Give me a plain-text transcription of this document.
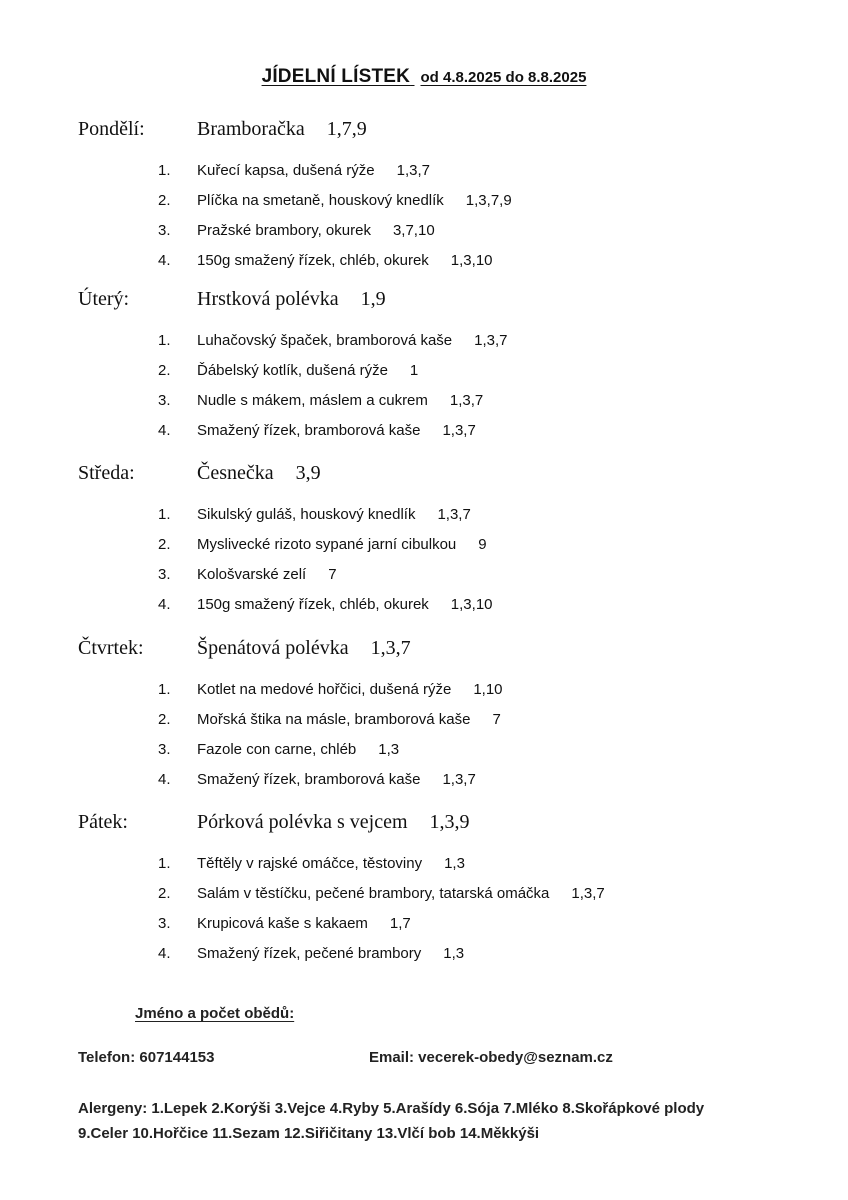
JÍDELNÍ LÍSTEK od 4.8.2025 do 8.8.2025
Pondělí:	Bramboračka 1,7,9
1. Kuřecí kapsa, dušená rýže 1,3,7
2. Plíčka na smetaně, houskový knedlík 1,3,7,9
3. Pražské brambory, okurek 3,7,10
4. 150g smažený řízek, chléb, okurek 1,3,10
Úterý:	Hrstková polévka 1,9
1. Luhačovský špaček, bramborová kaše 1,3,7
2. Ďábelský kotlík, dušená rýže 1
3. Nudle s mákem, máslem a cukrem 1,3,7
4. Smažený řízek, bramborová kaše 1,3,7
Středa:	Česnečka 3,9
1. Sikulský guláš, houskový knedlík 1,3,7
2. Myslivecké rizoto sypané jarní cibulkou 9
3. Kološvarské zelí 7
4. 150g smažený řízek, chléb, okurek 1,3,10
Čtvrtek:	Špenátová polévka 1,3,7
1. Kotlet na medové hořčici, dušená rýže 1,10
2. Mořská štika na másle, bramborová kaše 7
3. Fazole con carne, chléb 1,3
4. Smažený řízek, bramborová kaše 1,3,7
Pátek:	Pórková polévka s vejcem 1,3,9
1. Těftěly v rajské omáčce, těstoviny 1,3
2. Salám v těstíčku, pečené brambory, tatarská omáčka 1,3,7
3. Krupicová kaše s kakaem 1,7
4. Smažený řízek, pečené brambory 1,3
Jméno a počet obědů:
Telefon: 607144153	Email: vecerek-obedy@seznam.cz
Alergeny: 1.Lepek 2.Korýši 3.Vejce 4.Ryby 5.Arašídy 6.Sója 7.Mléko 8.Skořápkové plody
9.Celer 10.Hořčice 11.Sezam 12.Siřičitany 13.Vlčí bob 14.Měkkýši
